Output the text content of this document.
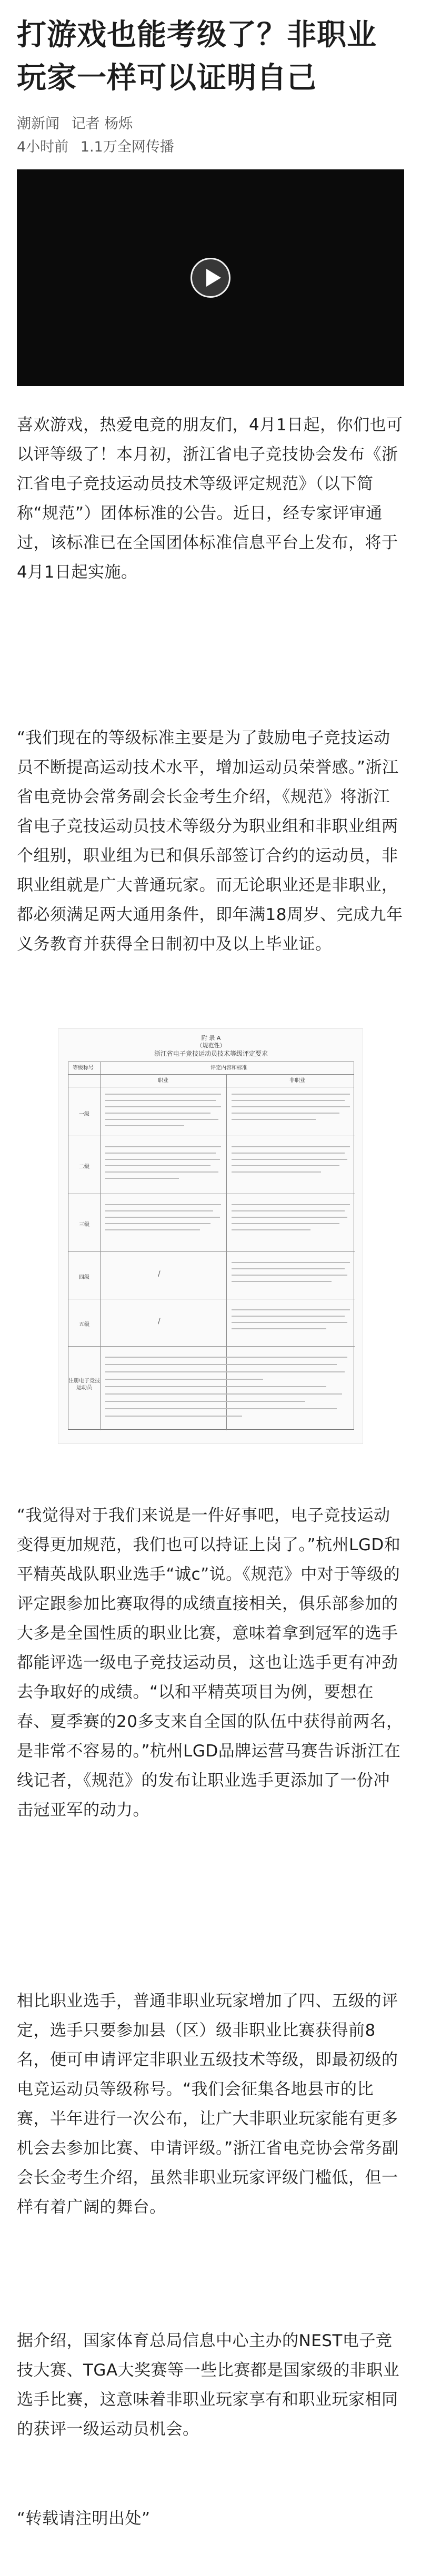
打游戏也能考级了？非职业玩家一样可以证明自己
潮新闻 记者 杨烁
4小时前 1.1万全网传播

喜欢游戏，热爱电竞的朋友们，4月1日起，你们也可以评等级了！本月初，浙江省电子竞技协会发布《浙江省电子竞技运动员技术等级评定规范》（以下简称“规范”）团体标准的公告。近日，经专家评审通过，该标准已在全国团体标准信息平台上发布，将于4月1日起实施。

“我们现在的等级标准主要是为了鼓励电子竞技运动员不断提高运动技术水平，增加运动员荣誉感。”浙江省电竞协会常务副会长金考生介绍，《规范》将浙江省电子竞技运动员技术等级分为职业组和非职业组两个组别，职业组为已和俱乐部签订合约的运动员，非职业组就是广大普通玩家。而无论职业还是非职业，都必须满足两大通用条件，即年满18周岁、完成九年义务教育并获得全日制初中及以上毕业证。

附 录 A
（规范性）
浙江省电子竞技运动员技术等级评定要求
等级称号	评定内容和标准
职业	非职业
一级
二级
三级
四级
五级
注册电子竞技运动员
/
/

“我觉得对于我们来说是一件好事吧，电子竞技运动变得更加规范，我们也可以持证上岗了。”杭州LGD和平精英战队职业选手“诚c”说。《规范》中对于等级的评定跟参加比赛取得的成绩直接相关，俱乐部参加的大多是全国性质的职业比赛，意味着拿到冠军的选手都能评选一级电子竞技运动员，这也让选手更有冲劲去争取好的成绩。“以和平精英项目为例，要想在春、夏季赛的20多支来自全国的队伍中获得前两名，是非常不容易的。”杭州LGD品牌运营马赛告诉浙江在线记者，《规范》的发布让职业选手更添加了一份冲击冠亚军的动力。

相比职业选手，普通非职业玩家增加了四、五级的评定，选手只要参加县（区）级非职业比赛获得前8名，便可申请评定非职业五级技术等级，即最初级的电竞运动员等级称号。“我们会征集各地县市的比赛，半年进行一次公布，让广大非职业玩家能有更多机会去参加比赛、申请评级。”浙江省电竞协会常务副会长金考生介绍，虽然非职业玩家评级门槛低，但一样有着广阔的舞台。

据介绍，国家体育总局信息中心主办的NEST电子竞技大赛、TGA大奖赛等一些比赛都是国家级的非职业选手比赛，这意味着非职业玩家享有和职业玩家相同的获评一级运动员机会。

“转载请注明出处”
